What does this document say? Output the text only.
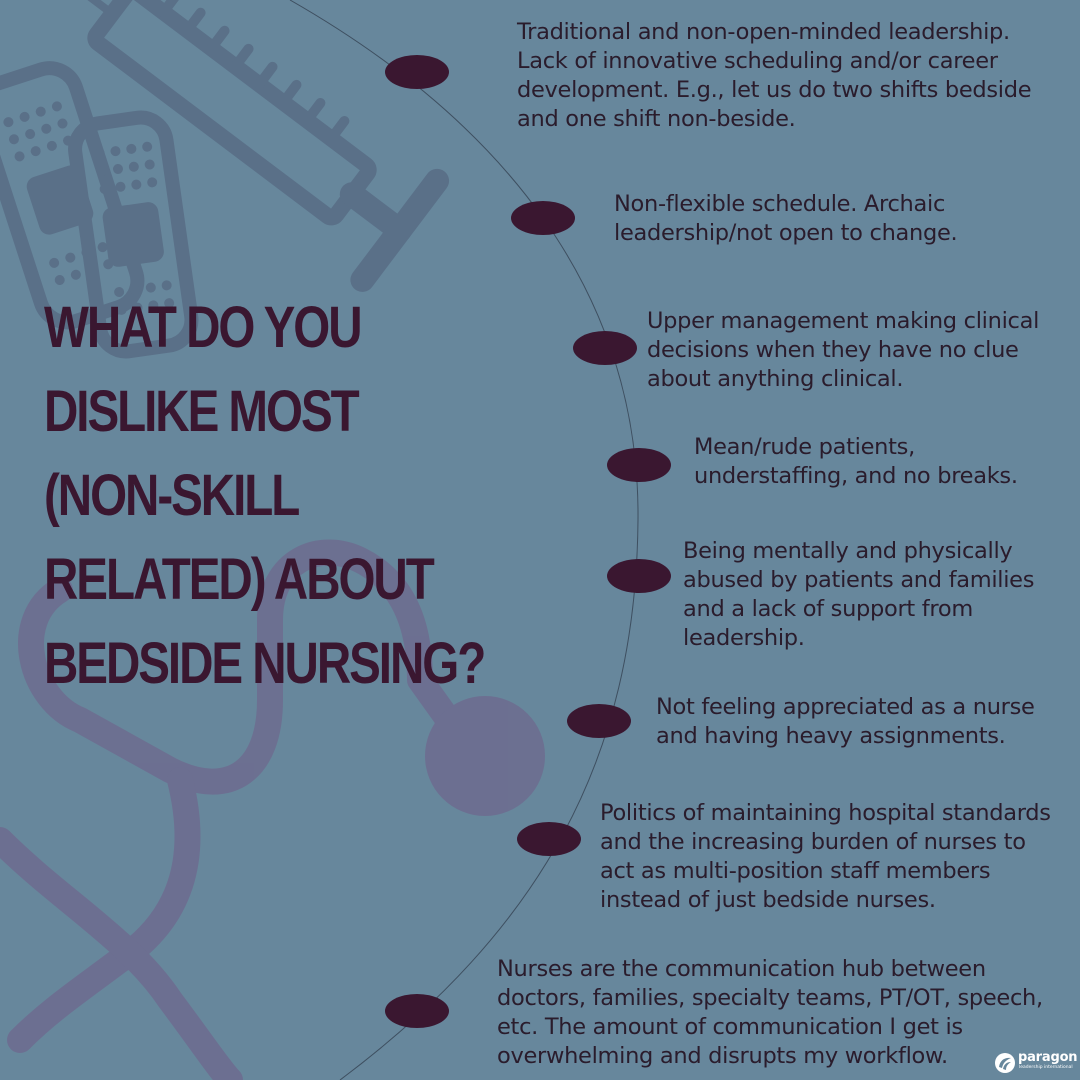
WHAT DO YOU
DISLIKE MOST
(NON-SKILL
RELATED) ABOUT
BEDSIDE NURSING?

Traditional and non-open-minded leadership.
Lack of innovative scheduling and/or career
development. E.g., let us do two shifts bedside
and one shift non-beside.

Non-flexible schedule. Archaic
leadership/not open to change.

Upper management making clinical
decisions when they have no clue
about anything clinical.

Mean/rude patients,
understaffing, and no breaks.

Being mentally and physically
abused by patients and families
and a lack of support from
leadership.

Not feeling appreciated as a nurse
and having heavy assignments.

Politics of maintaining hospital standards
and the increasing burden of nurses to
act as multi-position staff members
instead of just bedside nurses.

Nurses are the communication hub between
doctors, families, specialty teams, PT/OT, speech,
etc. The amount of communication I get is
overwhelming and disrupts my workflow.	paragon
leadership international
